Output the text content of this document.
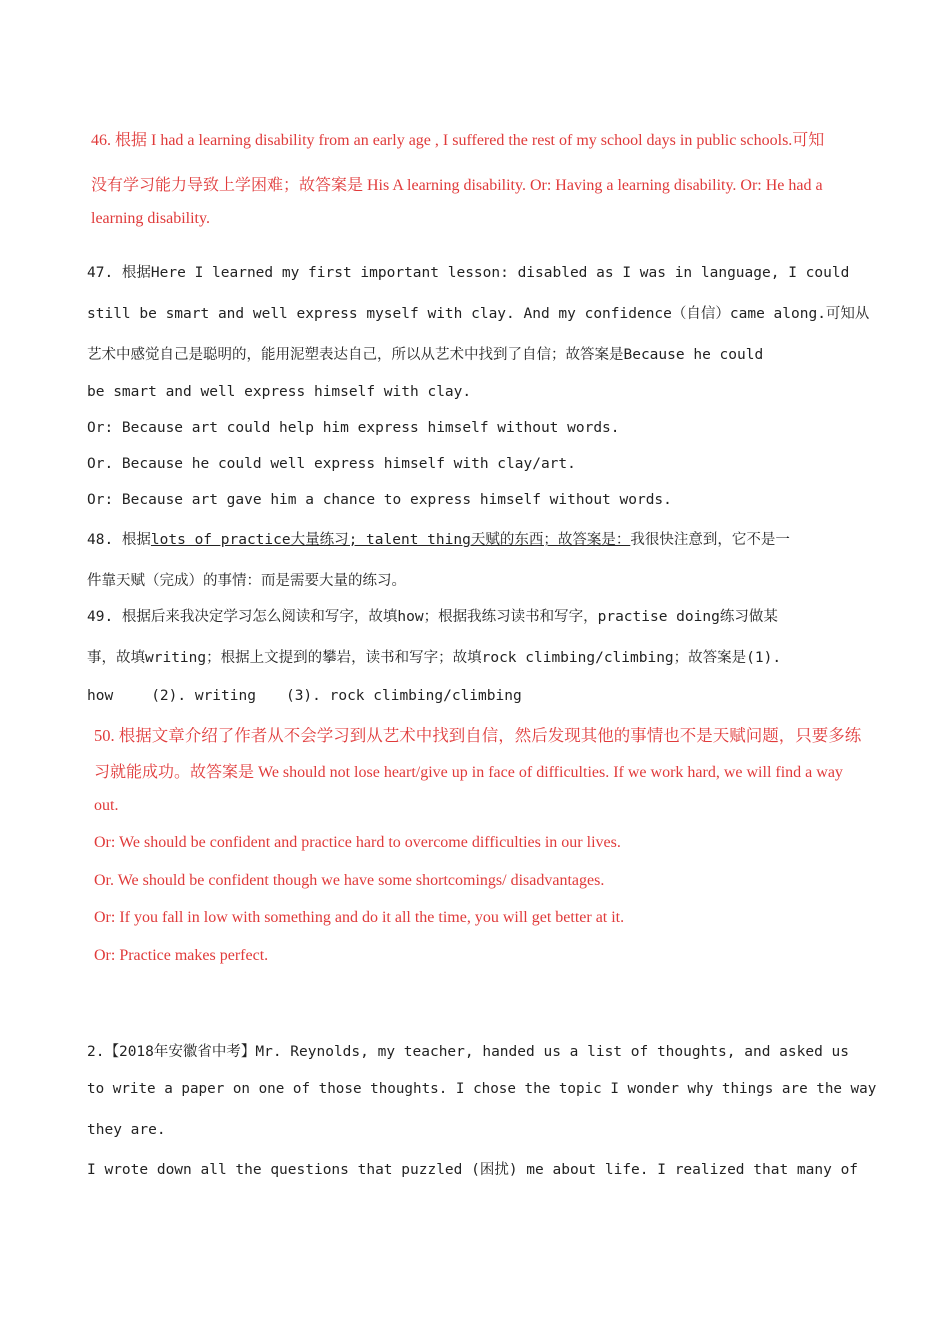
46. 根据 I had a learning disability from an early age , I suffered the rest of my school days in public schools.可知
没有学习能力导致上学困难；故答案是 His A learning disability. Or: Having a learning disability. Or: He had a
learning disability.
47. 根据Here I learned my first important lesson: disabled as I was in language, I could
still be smart and well express myself with clay. And my confidence（自信）came along.可知从
艺术中感觉自己是聪明的，能用泥塑表达自己，所以从艺术中找到了自信；故答案是Because he could
be smart and well express himself with clay.
Or: Because art could help him express himself without words.
Or. Because he could well express himself with clay/art.
Or: Because art gave him a chance to express himself without words.
48. 根据lots of practice大量练习; talent thing天赋的东西；故答案是：我很快注意到，它不是一
件靠天赋（完成）的事情：而是需要大量的练习。
49. 根据后来我决定学习怎么阅读和写字，故填how；根据我练习读书和写字，practise doing练习做某
事，故填writing；根据上文提到的攀岩，读书和写字；故填rock climbing/climbing；故答案是(1).
how	(2). writing (3). rock climbing/climbing
50. 根据文章介绍了作者从不会学习到从艺术中找到自信，然后发现其他的事情也不是天赋问题，只要多练
习就能成功。故答案是 We should not lose heart/give up in face of difficulties. If we work hard, we will find a way
out.
Or: We should be confident and practice hard to overcome difficulties in our lives.
Or. We should be confident though we have some shortcomings/ disadvantages.
Or: If you fall in low with something and do it all the time, you will get better at it.
Or: Practice makes perfect.
2.【2018年安徽省中考】Mr. Reynolds, my teacher, handed us a list of thoughts, and asked us
to write a paper on one of those thoughts. I chose the topic I wonder why things are the way
they are.
I wrote down all the questions that puzzled (困扰) me about life. I realized that many of
